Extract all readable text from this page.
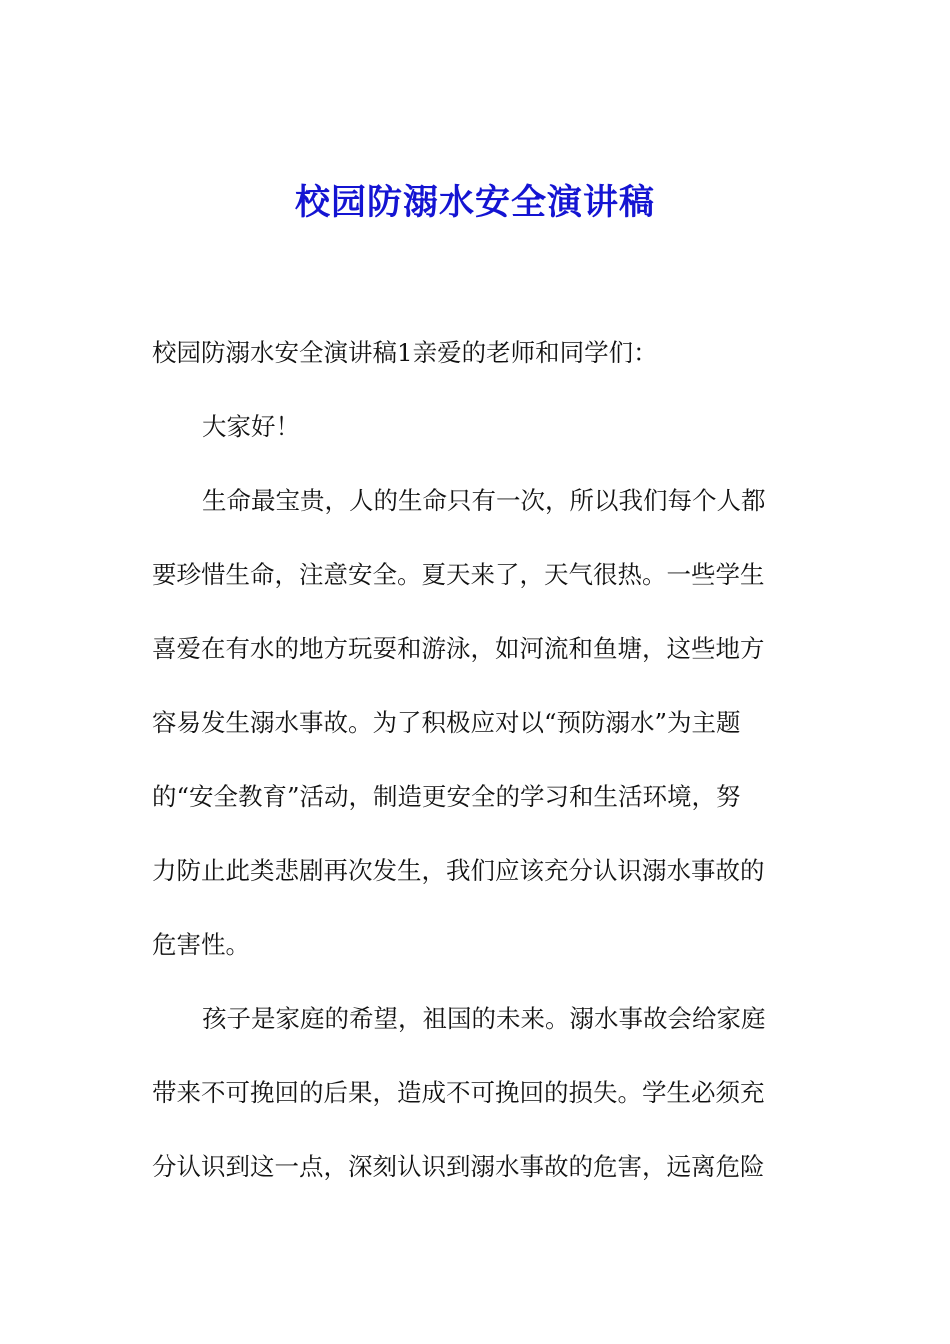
校园防溺水安全演讲稿
校园防溺水安全演讲稿1亲爱的老师和同学们：
大家好！
生命最宝贵，人的生命只有一次，所以我们每个人都
要珍惜生命，注意安全。夏天来了，天气很热。一些学生
喜爱在有水的地方玩耍和游泳，如河流和鱼塘，这些地方
容易发生溺水事故。为了积极应对以“预防溺水”为主题
的“安全教育”活动，制造更安全的学习和生活环境，努
力防止此类悲剧再次发生，我们应该充分认识溺水事故的
危害性。
孩子是家庭的希望，祖国的未来。溺水事故会给家庭
带来不可挽回的后果，造成不可挽回的损失。学生必须充
分认识到这一点，深刻认识到溺水事故的危害，远离危险
